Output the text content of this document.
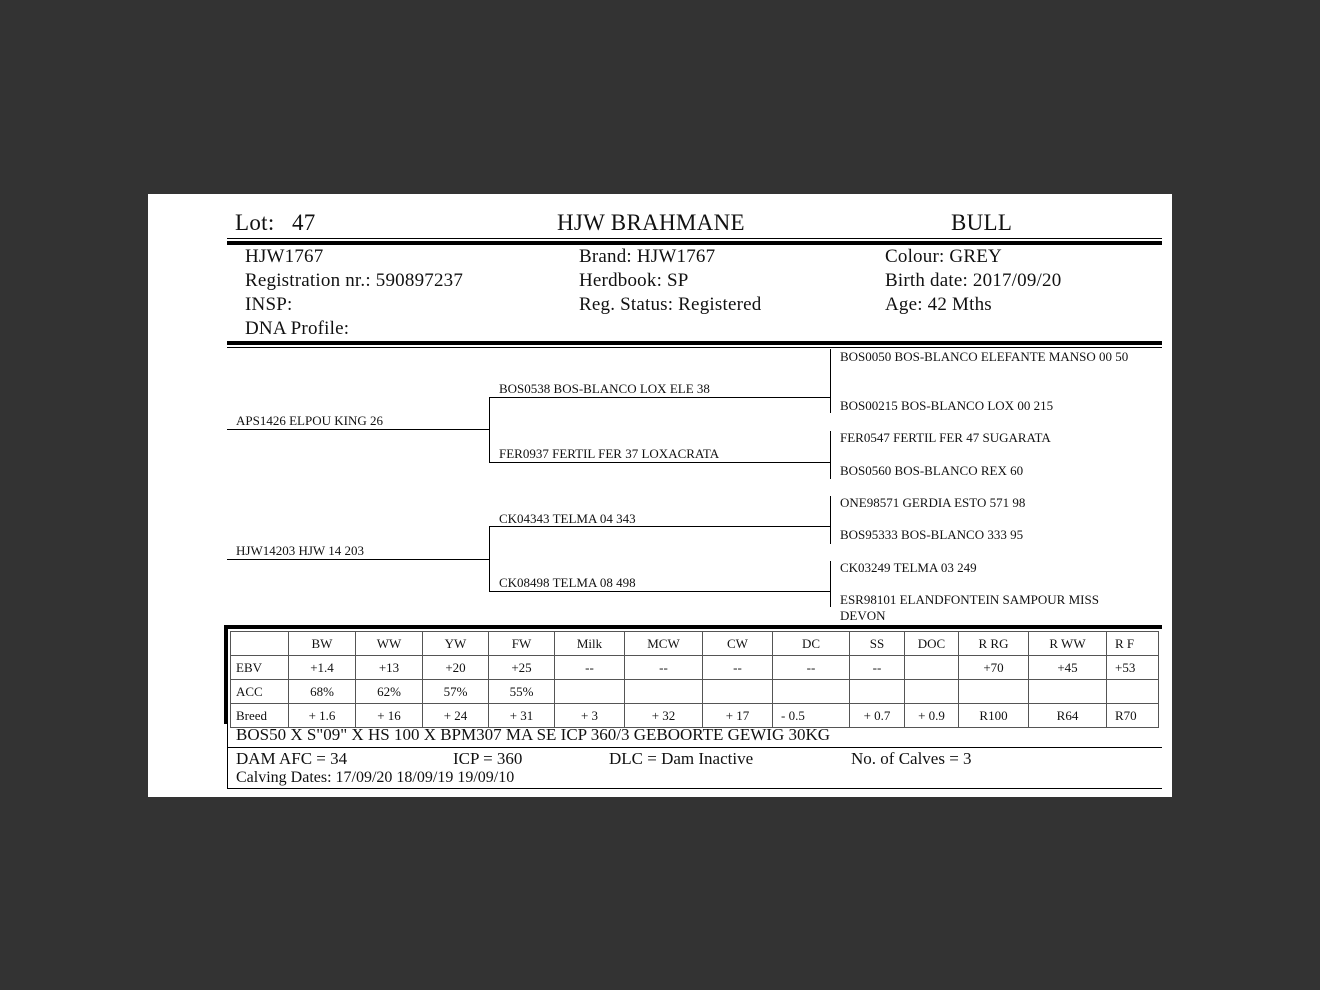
Lot: 47	HJW BRAHMANE	BULL
HJW1767
Registration nr.: 590897237
INSP:
DNA Profile:
Brand: HJW1767
Herdbook: SP
Reg. Status: Registered
Colour: GREY
Birth date: 2017/09/20
Age: 42 Mths
APS1426 ELPOU KING 26
HJW14203 HJW 14 203
BOS0538 BOS-BLANCO LOX ELE 38
FER0937 FERTIL FER 37 LOXACRATA
CK04343 TELMA 04 343
CK08498 TELMA 08 498
BOS0050 BOS-BLANCO ELEFANTE MANSO 00 50
BOS00215 BOS-BLANCO LOX 00 215
FER0547 FERTIL FER 47 SUGARATA
BOS0560 BOS-BLANCO REX 60
ONE98571 GERDIA ESTO 571 98
BOS95333 BOS-BLANCO 333 95
CK03249 TELMA 03 249
ESR98101 ELANDFONTEIN SAMPOUR MISS DEVON
	BW	WW	YW	FW	Milk	MCW	CW	DC	SS	DOC	R RG	R WW	R F
EBV	+1.4	+13	+20	+25	--	--	--	--	--		+70	+45	+53
ACC	68%	62%	57%	55%									
Breed	+ 1.6	+ 16	+ 24	+ 31	+ 3	+ 32	+ 17	- 0.5	+ 0.7	+ 0.9	R100	R64	R70
BOS50 X S"09" X HS 100 X BPM307 MA SE ICP 360/3 GEBOORTE GEWIG 30KG
DAM AFC = 34	ICP = 360	DLC = Dam Inactive	No. of Calves = 3
Calving Dates: 17/09/20 18/09/19 19/09/10
